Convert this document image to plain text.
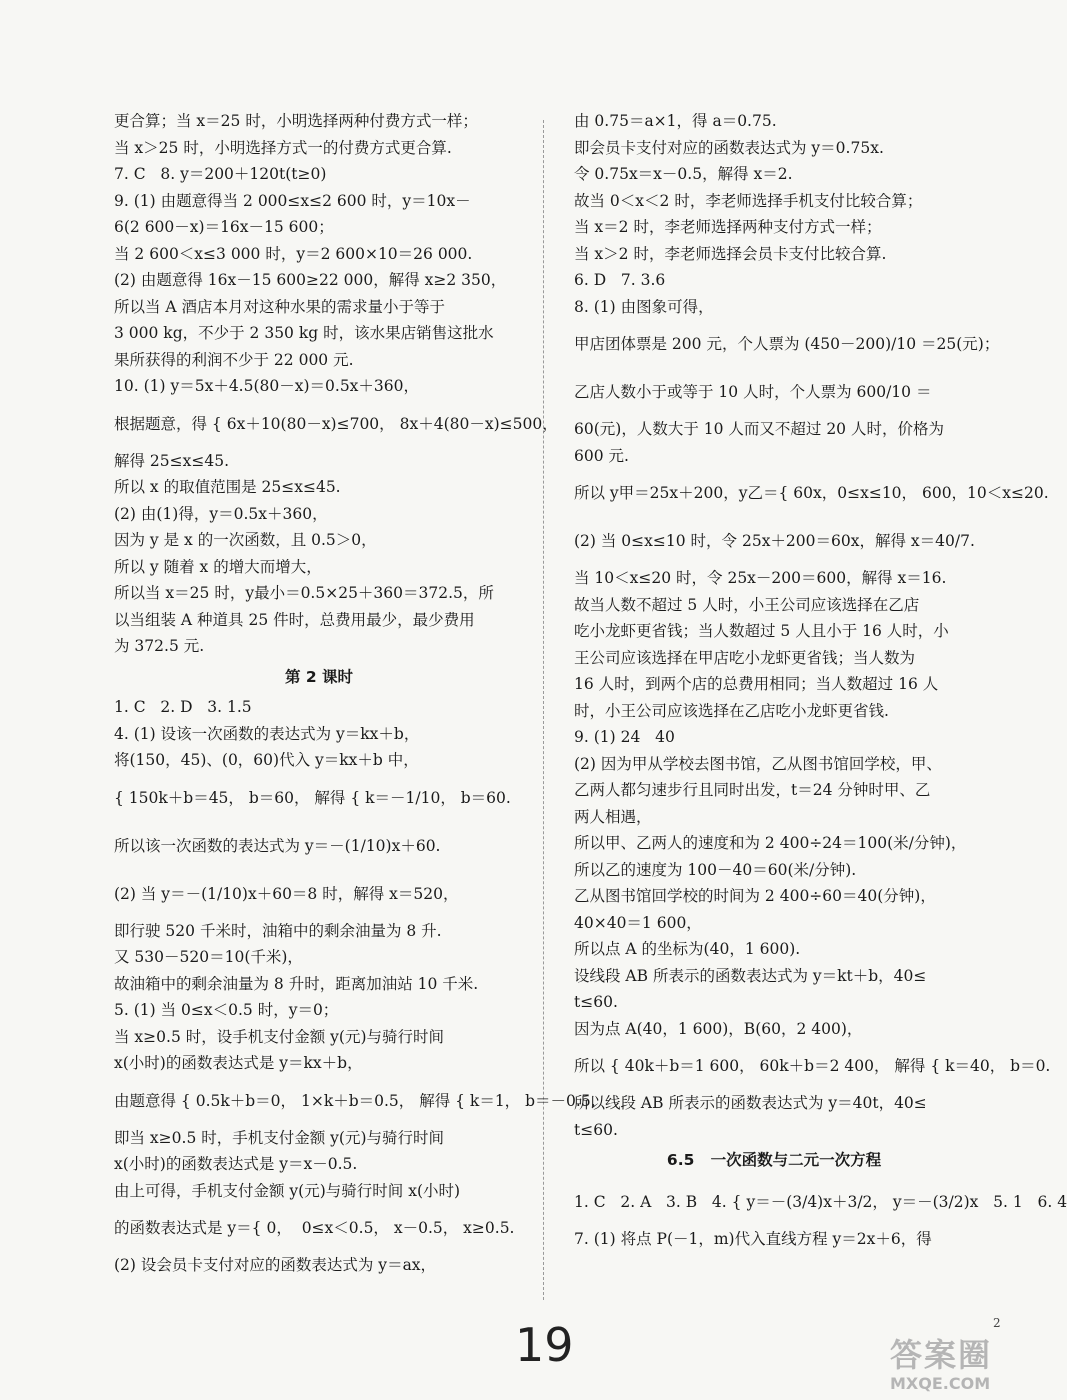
更合算；当 x＝25 时，小明选择两种付费方式一样；
当 x＞25 时，小明选择方式一的付费方式更合算.
7. C   8. y＝200＋120t(t≥0)
9. (1) 由题意得当 2 000≤x≤2 600 时，y＝10x－
6(2 600－x)＝16x－15 600；
当 2 600＜x≤3 000 时，y＝2 600×10＝26 000.
(2) 由题意得 16x－15 600≥22 000，解得 x≥2 350，
所以当 A 酒店本月对这种水果的需求量小于等于
3 000 kg，不少于 2 350 kg 时，该水果店销售这批水
果所获得的利润不少于 22 000 元.
10. (1) y＝5x＋4.5(80－x)＝0.5x＋360，
根据题意，得 { 6x＋10(80－x)≤700， 8x＋4(80－x)≤500，
解得 25≤x≤45.
所以 x 的取值范围是 25≤x≤45.
(2) 由(1)得，y＝0.5x＋360，
因为 y 是 x 的一次函数，且 0.5＞0，
所以 y 随着 x 的增大而增大，
所以当 x＝25 时，y最小＝0.5×25＋360＝372.5，所
以当组装 A 种道具 25 件时，总费用最少，最少费用
为 372.5 元.
第 2 课时
1. C   2. D   3. 1.5
4. (1) 设该一次函数的表达式为 y＝kx＋b，
将(150，45)、(0，60)代入 y＝kx＋b 中，
{ 150k＋b＝45， b＝60， 解得 { k＝－1/10， b＝60.
所以该一次函数的表达式为 y＝－(1/10)x＋60.
(2) 当 y＝－(1/10)x＋60＝8 时，解得 x＝520，
即行驶 520 千米时，油箱中的剩余油量为 8 升.
又 530－520＝10(千米)，
故油箱中的剩余油量为 8 升时，距离加油站 10 千米.
5. (1) 当 0≤x＜0.5 时，y＝0；
当 x≥0.5 时，设手机支付金额 y(元)与骑行时间
x(小时)的函数表达式是 y＝kx＋b，
由题意得 { 0.5k＋b＝0， 1×k＋b＝0.5， 解得 { k＝1， b＝－0.5.
即当 x≥0.5 时，手机支付金额 y(元)与骑行时间
x(小时)的函数表达式是 y＝x－0.5.
由上可得，手机支付金额 y(元)与骑行时间 x(小时)
的函数表达式是 y＝{ 0，  0≤x＜0.5， x－0.5， x≥0.5.
(2) 设会员卡支付对应的函数表达式为 y＝ax，
由 0.75＝a×1，得 a＝0.75.
即会员卡支付对应的函数表达式为 y＝0.75x.
令 0.75x＝x－0.5，解得 x＝2.
故当 0＜x＜2 时，李老师选择手机支付比较合算；
当 x＝2 时，李老师选择两种支付方式一样；
当 x＞2 时，李老师选择会员卡支付比较合算.
6. D   7. 3.6
8. (1) 由图象可得，
甲店团体票是 200 元，个人票为 (450－200)/10 ＝25(元)；
乙店人数小于或等于 10 人时，个人票为 600/10 ＝
60(元)，人数大于 10 人而又不超过 20 人时，价格为
600 元.
所以 y甲＝25x＋200，y乙＝{ 60x，0≤x≤10， 600，10＜x≤20.
(2) 当 0≤x≤10 时，令 25x＋200＝60x，解得 x＝40/7.
当 10＜x≤20 时，令 25x－200＝600，解得 x＝16.
故当人数不超过 5 人时，小王公司应该选择在乙店
吃小龙虾更省钱；当人数超过 5 人且小于 16 人时，小
王公司应该选择在甲店吃小龙虾更省钱；当人数为
16 人时，到两个店的总费用相同；当人数超过 16 人
时，小王公司应该选择在乙店吃小龙虾更省钱.
9. (1) 24   40
(2) 因为甲从学校去图书馆，乙从图书馆回学校，甲、
乙两人都匀速步行且同时出发，t＝24 分钟时甲、乙
两人相遇，
所以甲、乙两人的速度和为 2 400÷24＝100(米/分钟)，
所以乙的速度为 100－40＝60(米/分钟).
乙从图书馆回学校的时间为 2 400÷60＝40(分钟)，
40×40＝1 600，
所以点 A 的坐标为(40，1 600).
设线段 AB 所表示的函数表达式为 y＝kt＋b，40≤
t≤60.
因为点 A(40，1 600)，B(60，2 400)，
所以 { 40k＋b＝1 600， 60k＋b＝2 400， 解得 { k＝40， b＝0.
所以线段 AB 所表示的函数表达式为 y＝40t，40≤
t≤60.
6.5   一次函数与二元一次方程
1. C   2. A   3. B   4. { y＝－(3/4)x＋3/2， y＝－(3/2)x   5. 1   6. 4
7. (1) 将点 P(－1，m)代入直线方程 y＝2x＋6，得
19	2
答案圈
MXQE.COM
